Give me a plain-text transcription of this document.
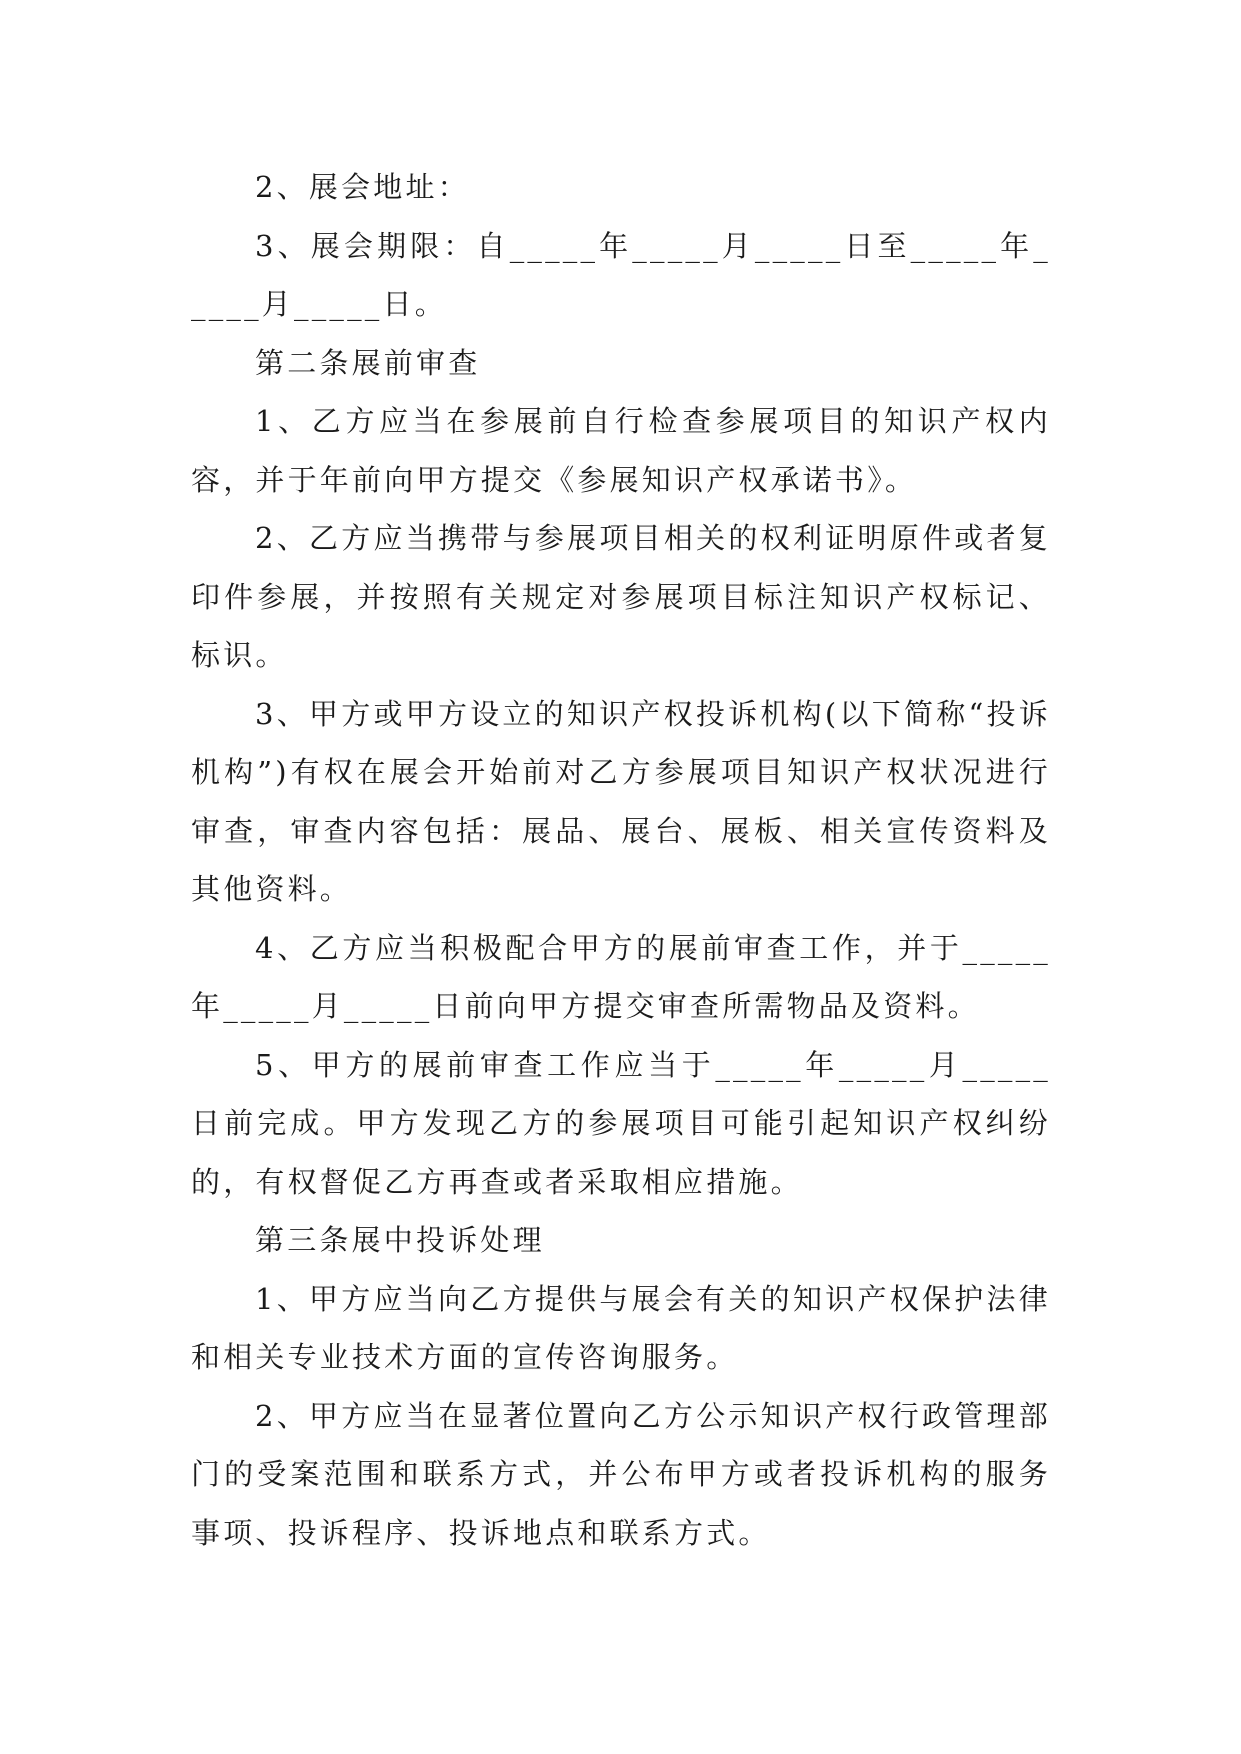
2、展会地址：

3、展会期限：自_____年_____月_____日至_____年_____月_____日。

第二条展前审查

1、乙方应当在参展前自行检查参展项目的知识产权内容，并于年前向甲方提交《参展知识产权承诺书》。

2、乙方应当携带与参展项目相关的权利证明原件或者复印件参展，并按照有关规定对参展项目标注知识产权标记、标识。

3、甲方或甲方设立的知识产权投诉机构(以下简称“投诉机构”)有权在展会开始前对乙方参展项目知识产权状况进行审查，审查内容包括：展品、展台、展板、相关宣传资料及其他资料。

4、乙方应当积极配合甲方的展前审查工作，并于_____年_____月_____日前向甲方提交审查所需物品及资料。

5、甲方的展前审查工作应当于_____年_____月_____日前完成。甲方发现乙方的参展项目可能引起知识产权纠纷的，有权督促乙方再查或者采取相应措施。

第三条展中投诉处理

1、甲方应当向乙方提供与展会有关的知识产权保护法律和相关专业技术方面的宣传咨询服务。

2、甲方应当在显著位置向乙方公示知识产权行政管理部门的受案范围和联系方式，并公布甲方或者投诉机构的服务事项、投诉程序、投诉地点和联系方式。
